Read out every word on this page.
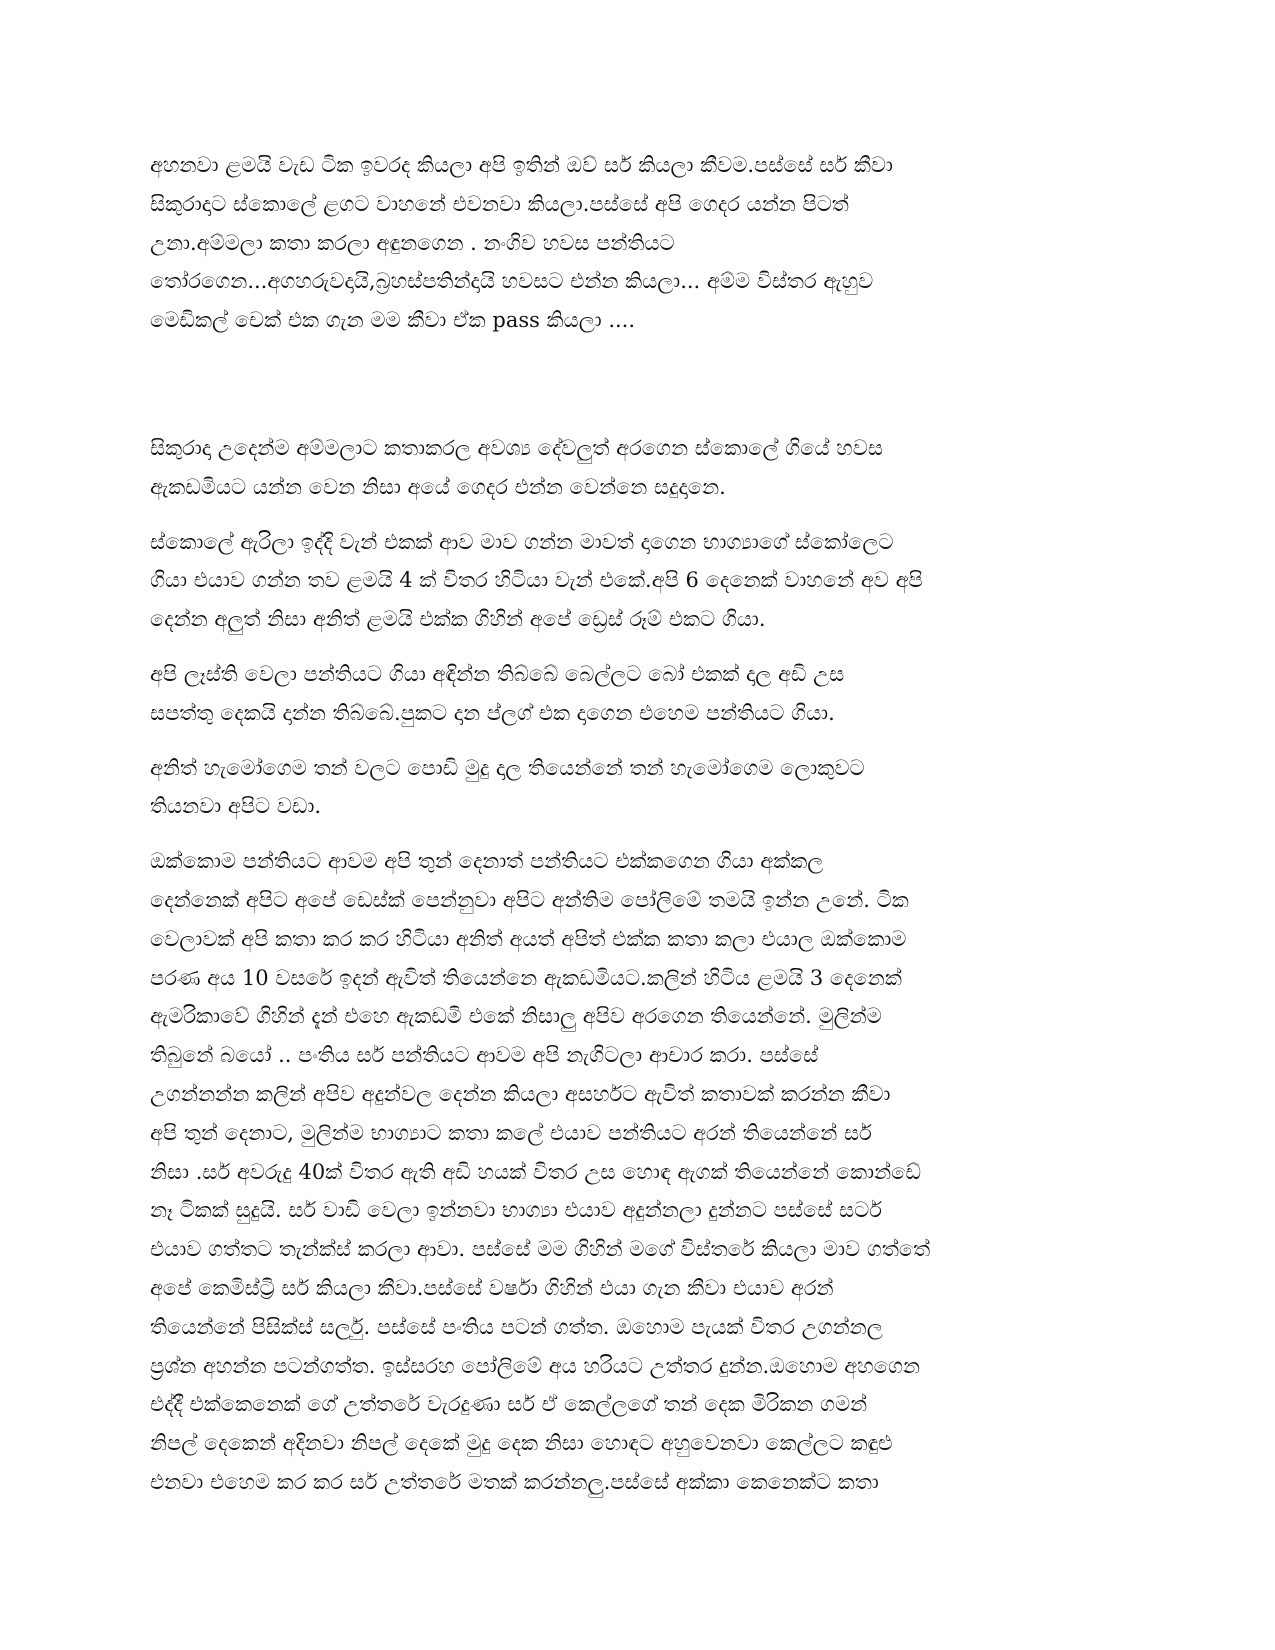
අහනවා ළමයි වැඩ ටික ඉවරද කියලා අපි ඉතින් ඔව් සර් කියලා කීවම.පස්සේ සර් කීවා
සිකුරාදාට ස්කොලේ ළගට වාහනේ එවනවා කියලා.පස්සේ අපි ගෙදර යන්න පිටත්
උනා.අම්මලා කතා කරලා අඳුනගෙන . නංගිව හවස පන්තියට
තෝරගෙන...අගහරුවදායි,බ්‍රහස්පතින්දායි හවසට එන්න කියලා... අම්ම විස්තර ඇහුව
මෙඩිකල් චෙක් එක ගැන මම කීවා ඒක pass කියලා ....
සිකුරාදා උදෙන්ම අම්මලාට කතාකරල අවශ්‍ය දේවලුත් අරගෙන ස්කොලේ ගියේ හවස
ඇකඩමියට යන්න වෙන නිසා අයේ ගෙදර එන්න වෙන්නෙ සදුදානෙ.
ස්කොලේ ඇරිලා ඉද්දි වැන් එකක් ආව මාව ගන්න මාවත් දාගෙන භාග්‍යාගේ ස්කෝලෙට
ගියා එයාව ගන්න තව ළමයි 4 ක් විතර හිටියා වැන් එකේ.අපි 6 දෙනෙක් වාහනේ අව අපි
දෙන්න අලුත් නිසා අනිත් ළමයි එක්ක ගිහින් අපේ ඩ්‍රෙස් රූම් එකට ගියා.
අපි ලෑස්ති වෙලා පන්තියට ගියා අඳින්න තිබ්බේ බෙල්ලට බෝ එකක් දාල අඩි උස
සපත්තු දෙකයි දාන්න තිබ්බේ.පුකට දාන ප්ලග් එක දාගෙන එහෙම පන්තියට ගියා.
අනිත් හැමෝගෙම තන් වලට පොඩි මුදු දාල තියෙන්නේ තන් හැමෝගෙම ලොකුවට
තියනවා අපිට වඩා.
ඔක්කොම පන්තියට ආවම අපි තුන් දෙනාත් පන්තියට එක්කගෙන ගියා අක්කල
දෙන්නෙක් අපිට අපේ ඩෙස්ක් පෙන්නුවා අපිට අන්තිම පෝලිමේ තමයි ඉන්න උනේ. ටික
වෙලාවක් අපි කතා කර කර හිටියා අනිත් අයත් අපිත් එක්ක කතා කලා එයාල ඔක්කොම
පරණ අය 10 වසරේ ඉදන් ඇවිත් තියෙන්නෙ ඇකඩමියට.කලින් හිටිය ළමයි 3 දෙනෙක්
ඇමරිකාවේ ගිහින් දැන් එහෙ ඇකඩමි එකේ නිසාලු අපිව අරගෙන තියෙන්නේ. මුලින්ම
තිබුනේ බයෝ .. පංතිය සර් පන්තියට ආවම අපි නැගිටලා ආචාර කරා. පස්සේ
උගන්නන්න කලින් අපිව අදුන්වල දෙන්න කියලා අසර්හට ඇවිත් කතාවක් කරන්න කීවා
අපි තුන් දෙනාට, මුලින්ම භාග්‍යාට කතා කලේ එයාව පන්තියට අරන් තියෙන්නේ සර්
නිසා .සර් අවරුදු 40ක් විතර ඇති අඩි හයක් විතර උස හොඳ ඇගක් තියෙන්නේ කොන්ඩේ
නෑ ටිකක් සුදුයි. සර් වාඩි වෙලා ඉන්නවා භාග්‍යා එයාව අදුන්නලා දුන්නට පස්සේ සර්ට
එයාව ගත්තට තැන්ක්ස් කරලා ආවා. පස්සේ මම ගිහින් මගේ විස්තරේ කියලා මාව ගත්තේ
අපේ කෙමිස්ට්‍රි සර් කියලා කීවා.පස්සේ වර්ෂා ගිහින් එයා ගැන කීවා එයාව අරන්
තියෙන්නේ පිසික්ස් සර්ලු. පස්සේ පංතිය පටන් ගත්ත. ඔහොම පැයක් විතර උගන්නල
ප්‍රශ්න අහන්න පටන්ගත්ත. ඉස්සරහ පෝලිමේ අය හරියට උත්තර දුන්න.ඔහොම අහගෙන
එද්දී එක්කෙනෙක් ගේ උත්තරේ වැරදුණා සර් ඒ කෙල්ලගේ තන් දෙක මිරිකන ගමන්
නිපල් දෙකෙන් අදිනවා නිපල් දෙකේ මුදු දෙක නිසා හොඳට අහුවෙනවා කෙල්ලට කඳුළු
එනවා එහෙම කර කර සර් උත්තරේ මතක් කරන්නලු.පස්සේ අක්කා කෙනෙක්ට කතා
